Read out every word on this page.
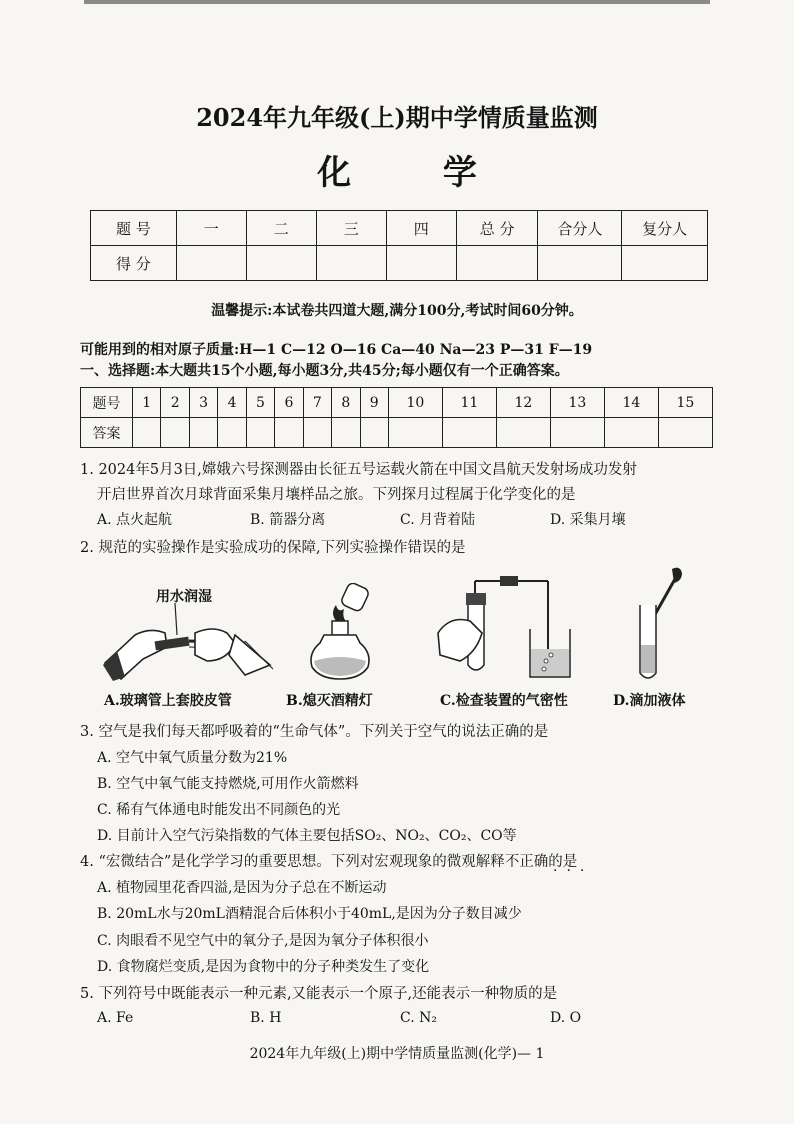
2024年九年级(上)期中学情质量监测
化 学
题 号	一	二	三	四	总 分	合分人	复分人
得 分							
温馨提示:本试卷共四道大题,满分100分,考试时间60分钟。
可能用到的相对原子质量:H—1 C—12 O—16 Ca—40 Na—23 P—31 F—19
一、选择题:本大题共15个小题,每小题3分,共45分;每小题仅有一个正确答案。
题号	1	2	3	4	5	6	7	8	9	10	11	12	13	14	15
答案															
1. 2024年5月3日,嫦娥六号探测器由长征五号运载火箭在中国文昌航天发射场成功发射
开启世界首次月球背面采集月壤样品之旅。下列探月过程属于化学变化的是
A. 点火起航	B. 箭器分离	C. 月背着陆	D. 采集月壤
2. 规范的实验操作是实验成功的保障,下列实验操作错误的是
用水润湿
A.玻璃管上套胶皮管	B.熄灭酒精灯	C.检查装置的气密性	D.滴加液体
3. 空气是我们每天都呼吸着的“生命气体”。下列关于空气的说法正确的是
A. 空气中氧气质量分数为21%
B. 空气中氧气能支持燃烧,可用作火箭燃料
C. 稀有气体通电时能发出不同颜色的光
D. 目前计入空气污染指数的气体主要包括SO₂、NO₂、CO₂、CO等
4. “宏微结合”是化学学习的重要思想。下列对宏观现象的微观解释不正确的是
···
A. 植物园里花香四溢,是因为分子总在不断运动
B. 20mL水与20mL酒精混合后体积小于40mL,是因为分子数目减少
C. 肉眼看不见空气中的氧分子,是因为氧分子体积很小
D. 食物腐烂变质,是因为食物中的分子种类发生了变化
5. 下列符号中既能表示一种元素,又能表示一个原子,还能表示一种物质的是
A. Fe	B. H	C. N₂	D. O
2024年九年级(上)期中学情质量监测(化学)— 1
